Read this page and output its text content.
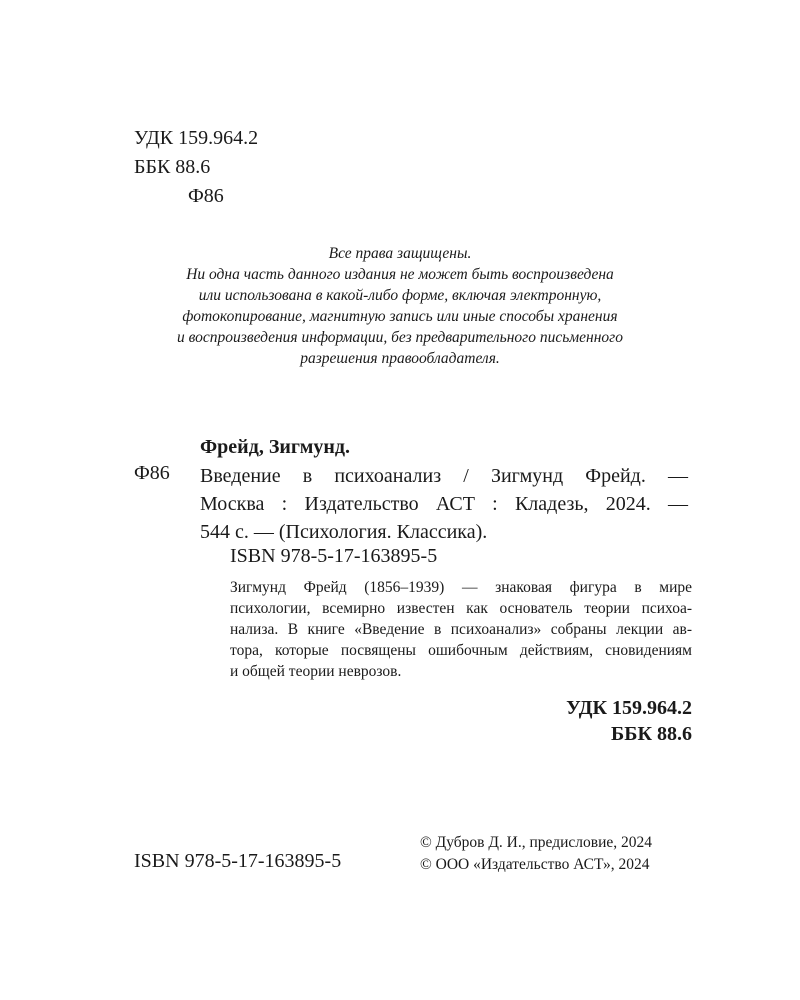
УДК 159.964.2
ББК 88.6
Ф86
Все права защищены.
Ни одна часть данного издания не может быть воспроизведена
или использована в какой-либо форме, включая электронную,
фотокопирование, магнитную запись или иные способы хранения
и воспроизведения информации, без предварительного письменного
разрешения правообладателя.
Фрейд, Зигмунд.
Ф86 Введение в психоанализ / Зигмунд Фрейд. —
Москва : Издательство АСТ : Кладезь, 2024. —
544 с. — (Психология. Классика).
ISBN 978-5-17-163895-5
Зигмунд Фрейд (1856–1939) — знаковая фигура в мире
психологии, всемирно известен как основатель теории психоа-
нализа. В книге «Введение в психоанализ» собраны лекции ав-
тора, которые посвящены ошибочным действиям, сновидениям
и общей теории неврозов.
УДК 159.964.2
ББК 88.6
ISBN 978-5-17-163895-5
© Дубров Д. И., предисловие, 2024
© ООО «Издательство АСТ», 2024
